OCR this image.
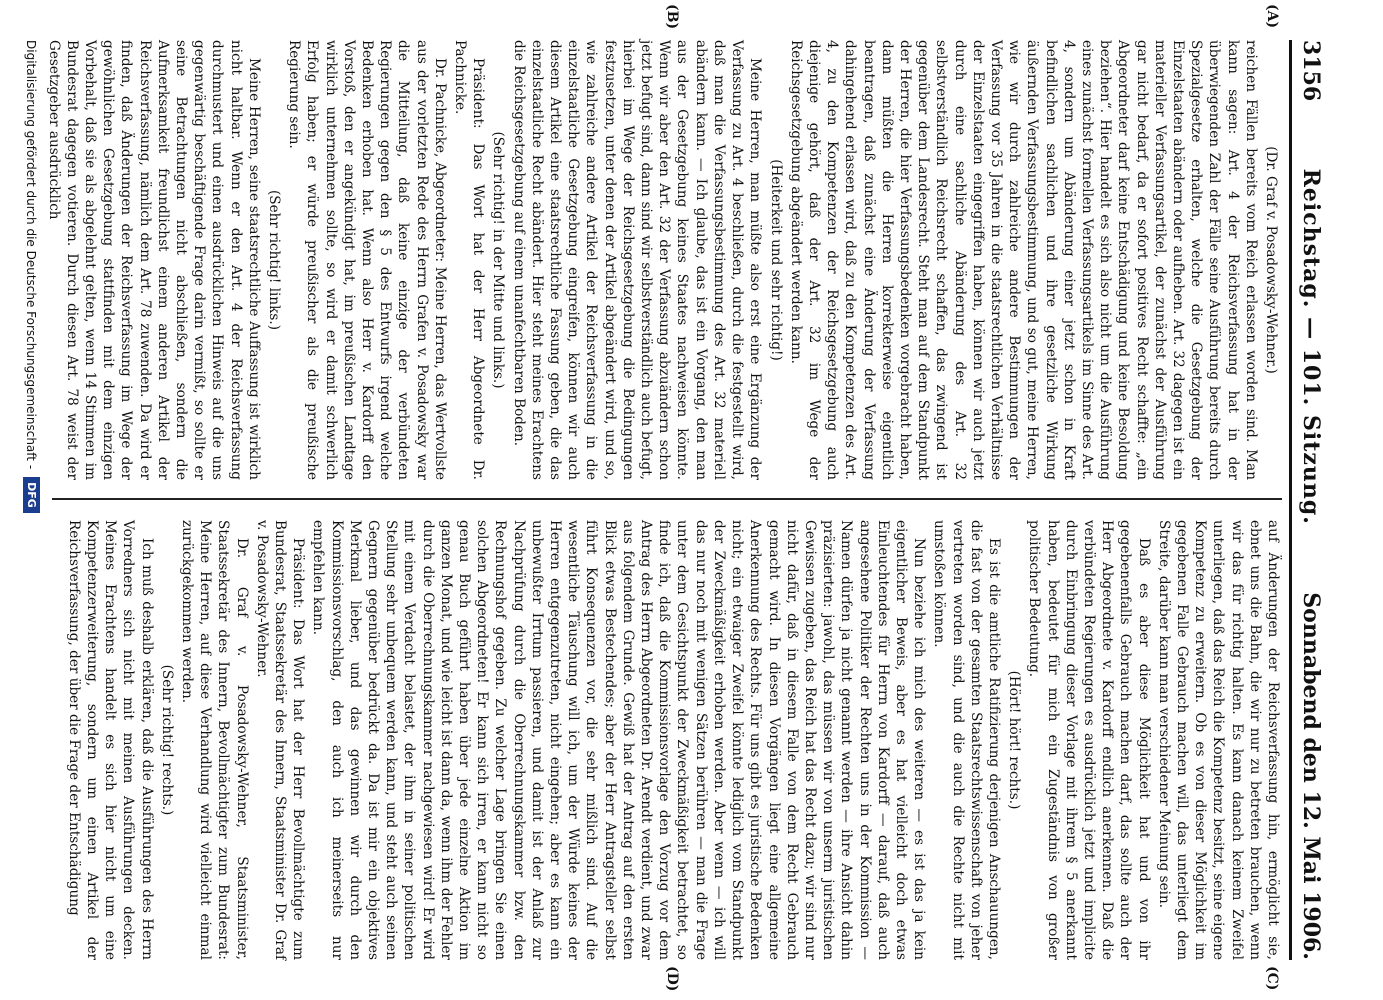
3156
Reichstag. — 101. Sitzung.
Sonnabend den 12. Mai 1906.
(A)
(B)
(C)
(D)

(Dr. Graf v. Posadowsky-Wehner.)

reichen Fällen bereits vom Reich erlassen worden sind. Man kann sagen: Art. 4 der Reichsverfassung hat in der überwiegenden Zahl der Fälle seine Ausführung bereits durch Spezialgesetze erhalten, welche die Gesetzgebung der Einzelstaaten abändern oder aufheben. Art. 32 dagegen ist ein materieller Verfassungsartikel, der zunächst der Ausführung gar nicht bedarf, da er sofort positives Recht schaffte: „ein Abgeordneter darf keine Entschädigung und keine Besoldung beziehen“. Hier handelt es sich also nicht um die Ausführung eines zunächst formellen Verfassungsartikels im Sinne des Art. 4, sondern um Abänderung einer jetzt schon in Kraft befindlichen sachlichen und ihre gesetzliche Wirkung äußernden Verfassungsbestimmung, und so gut, meine Herren, wie wir durch zahlreiche andere Bestimmungen der Verfassung vor 35 Jahren in die staatsrechtlichen Verhältnisse der Einzelstaaten eingegriffen haben, können wir auch jetzt durch eine sachliche Abänderung des Art. 32 selbstverständlich Reichsrecht schaffen, das zwingend ist gegenüber dem Landesrecht. Steht man auf dem Standpunkt der Herren, die hier Verfassungsbedenken vorgebracht haben, dann müßten die Herren korrekterweise eigentlich beantragen, daß zunächst eine Änderung der Verfassung dahingehend erlassen wird, daß zu den Kompetenzen des Art. 4, zu den Kompetenzen der Reichsgesetzgebung auch diejenige gehört, daß der Art. 32 im Wege der Reichsgesetzgebung abgeändert werden kann.

(Heiterkeit und sehr richtig!)

Meine Herren, man müßte also erst eine Ergänzung der Verfassung zu Art. 4 beschließen, durch die festgestellt wird, daß man die Verfassungsbestimmung des Art. 32 materiell abändern kann. — Ich glaube, das ist ein Vorgang, den man aus der Gesetzgebung keines Staates nachweisen könnte. Wenn wir aber den Art. 32 der Verfassung abzuändern schon jetzt befugt sind, dann sind wir selbstverständlich auch befugt, hierbei im Wege der Reichsgesetzgebung die Bedingungen festzusetzen, unter denen der Artikel abgeändert wird, und so, wie zahlreiche andere Artikel der Reichsverfassung in die einzelstaatliche Gesetzgebung eingreifen, können wir auch diesem Artikel eine staatsrechtliche Fassung geben, die das einzelstaatliche Recht abändert. Hier steht meines Erachtens die Reichsgesetzgebung auf einem unanfechtbaren Boden.

(Sehr richtig! in der Mitte und links.)

Präsident: Das Wort hat der Herr Abgeordnete Dr. Pachnicke.

Dr. Pachnicke, Abgeordneter: Meine Herren, das Wertvollste aus der vorletzten Rede des Herrn Grafen v. Posadowsky war die Mitteilung, daß keine einzige der verbündeten Regierungen gegen den § 5 des Entwurfs irgend welche Bedenken erhoben hat. Wenn also Herr v. Kardorff den Vorstoß, den er angekündigt hat, im preußischen Landtage wirklich unternehmen sollte, so wird er damit schwerlich Erfolg haben; er würde preußischer als die preußische Regierung sein.

(Sehr richtig! links.)

Meine Herren, seine staatsrechtliche Auffassung ist wirklich nicht haltbar. Wenn er den Art. 4 der Reichsverfassung durchmustert und einen ausdrücklichen Hinweis auf die uns gegenwärtig beschäftigende Frage darin vermißt, so sollte er seine Betrachtungen nicht abschließen, sondern die Aufmerksamkeit freundlichst einem anderen Artikel der Reichsverfassung, nämlich dem Art. 78 zuwenden. Da wird er finden, daß Änderungen der Reichsverfassung im Wege der gewöhnlichen Gesetzgebung stattfinden mit dem einzigen Vorbehalt, daß sie als abgelehnt gelten, wenn 14 Stimmen im Bundesrat dagegen votieren. Durch diesen Art. 78 weist der Gesetzgeber ausdrücklich

auf Änderungen der Reichsverfassung hin, ermöglicht sie, ebnet uns die Bahn, die wir nur zu betreten brauchen, wenn wir das für richtig halten. Es kann danach keinem Zweifel unterliegen, daß das Reich die Kompetenz besitzt, seine eigene Kompetenz zu erweitern. Ob es von dieser Möglichkeit im gegebenen Falle Gebrauch machen will, das unterliegt dem Streite, darüber kann man verschiedener Meinung sein.

Daß es aber diese Möglichkeit hat und von ihr gegebenenfalls Gebrauch machen darf, das sollte auch der Herr Abgeordnete v. Kardorff endlich anerkennen. Daß die verbündeten Regierungen es ausdrücklich jetzt und implicite durch Einbringung dieser Vorlage mit ihrem § 5 anerkannt haben, bedeutet für mich ein Zugeständnis von großer politischer Bedeutung.

(Hört! hört! rechts.)

Es ist die amtliche Ratifizierung derjenigen Anschauungen, die fast von der gesamten Staatsrechtswissenschaft von jeher vertreten worden sind, und die auch die Rechte nicht mit umstoßen können.

Nun beziehe ich mich des weiteren — es ist das ja kein eigentlicher Beweis, aber es hat vielleicht doch etwas Einleuchtendes für Herrn von Kardorff — darauf, daß auch angesehene Politiker der Rechten uns in der Kommission — Namen dürfen ja nicht genannt werden — ihre Ansicht dahin präzisierten: jawohl, das müssen wir von unserm juristischen Gewissen zugeben, das Reich hat das Recht dazu; wir sind nur nicht dafür, daß in diesem Falle von dem Recht Gebrauch gemacht wird. In diesen Vorgängen liegt eine allgemeine Anerkennung des Rechts. Für uns gibt es juristische Bedenken nicht; ein etwaiger Zweifel könnte lediglich vom Standpunkt der Zweckmäßigkeit erhoben werden. Aber wenn — ich will das nur noch mit wenigen Sätzen berühren — man die Frage unter dem Gesichtspunkt der Zweckmäßigkeit betrachtet, so finde ich, daß die Kommissionsvorlage den Vorzug vor dem Antrag des Herrn Abgeordneten Dr. Arendt verdient, und zwar aus folgendem Grunde. Gewiß hat der Antrag auf den ersten Blick etwas Bestechendes; aber der Herr Antragsteller selbst führt Konsequenzen vor, die sehr mißlich sind. Auf die wesentliche Täuschung will ich, um der Würde keines der Herren entgegenzutreten, nicht eingehen; aber es kann ein unbewußter Irrtum passieren, und damit ist der Anlaß zur Nachprüfung durch die Oberrechnungskammer bzw. den Rechnungshof gegeben. Zu welcher Lage bringen Sie einen solchen Abgeordneten! Er kann sich irren, er kann nicht so genau Buch geführt haben über jede einzelne Aktion im ganzen Monat, und wie leicht ist dann da, wenn ihm der Fehler durch die Oberrechnungskammer nachgewiesen wird! Er wird mit einem Verdacht belastet, der ihm in seiner politischen Stellung sehr unbequem werden kann, und steht auch seinen Gegnern gegenüber bedrückt da. Da ist mir ein objektives Merkmal lieber, und das gewinnen wir durch den Kommissionsvorschlag, den auch ich meinerseits nur empfehlen kann.

Präsident: Das Wort hat der Herr Bevollmächtigte zum Bundesrat, Staatssekretär des Innern, Staatsminister Dr. Graf v. Posadowsky-Wehner.

Dr. Graf v. Posadowsky-Wehner, Staatsminister, Staatssekretär des Innern, Bevollmächtigter zum Bundesrat: Meine Herren, auf diese Verhandlung wird vielleicht einmal zurückgekommen werden.

(Sehr richtig! rechts.)

Ich muß deshalb erklären, daß die Ausführungen des Herrn Vorredners sich nicht mit meinen Ausführungen decken. Meines Erachtens handelt es sich hier nicht um eine Kompetenzerweiterung, sondern um einen Artikel der Reichsverfassung, der über die Frage der Entschädigung

Digitalisierung gefördert durch die Deutsche Forschungsgemeinschaft -
DFG
